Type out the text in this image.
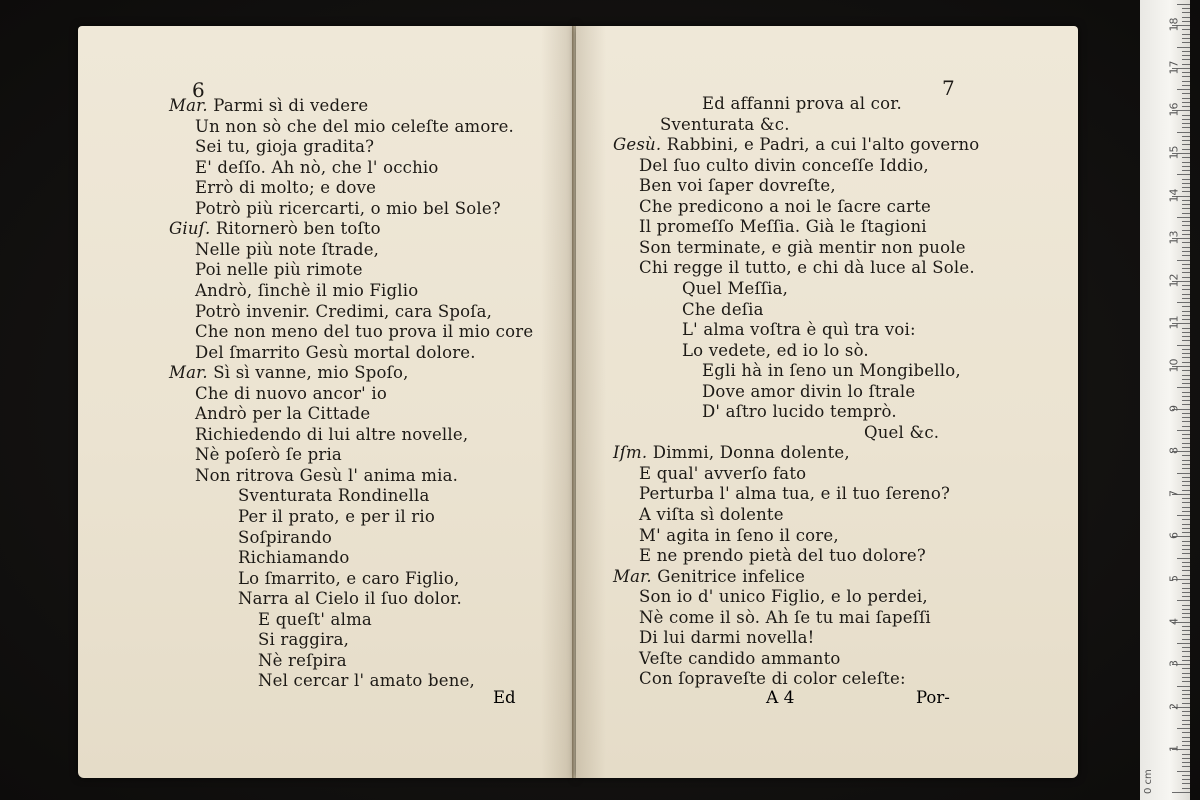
6
Mar. Parmi sì di vedere
Un non sò che del mio celeſte amore.
Sei tu, gioja gradita?
E' deſſo. Ah nò, che l' occhio
Errò di molto; e dove
Potrò più ricercarti, o mio bel Sole?
Giuſ. Ritornerò ben toſto
Nelle più note ſtrade,
Poi nelle più rimote
Andrò, ſinchè il mio Figlio
Potrò invenir. Credimi, cara Spoſa,
Che non meno del tuo prova il mio core
Del ſmarrito Gesù mortal dolore.
Mar. Sì sì vanne, mio Spoſo,
Che di nuovo ancor' io
Andrò per la Cittade
Richiedendo di lui altre novelle,
Nè poſerò ſe pria
Non ritrova Gesù l' anima mia.
Sventurata Rondinella
Per il prato, e per il rio
Soſpirando
Richiamando
Lo ſmarrito, e caro Figlio,
Narra al Cielo il ſuo dolor.
E queſt' alma
Si raggira,
Nè reſpira
Nel cercar l' amato bene,
Ed
7
Ed affanni prova al cor.
Sventurata &c.
Gesù. Rabbini, e Padri, a cui l'alto governo
Del ſuo culto divin conceſſe Iddio,
Ben voi ſaper dovreſte,
Che predicono a noi le ſacre carte
Il promeſſo Meſſia. Già le ſtagioni
Son terminate, e già mentir non puole
Chi regge il tutto, e chi dà luce al Sole.
Quel Meſſia,
Che deſia
L' alma voſtra è quì tra voi:
Lo vedete, ed io lo sò.
Egli hà in ſeno un Mongibello,
Dove amor divin lo ſtrale
D' aſtro lucido temprò.
Quel &c.
Iſm. Dimmi, Donna dolente,
E qual' avverſo fato
Perturba l' alma tua, e il tuo ſereno?
A viſta sì dolente
M' agita in ſeno il core,
E ne prendo pietà del tuo dolore?
Mar. Genitrice infelice
Son io d' unico Figlio, e lo perdei,
Nè come il sò. Ah ſe tu mai ſapeſſi
Di lui darmi novella!
Veſte candido ammanto
Con ſopraveſte di color celeſte:
A 4	Por-
0 cm
1
2
3
4
5
6
7
8
9
10
11
12
13
14
15
16
17
18
